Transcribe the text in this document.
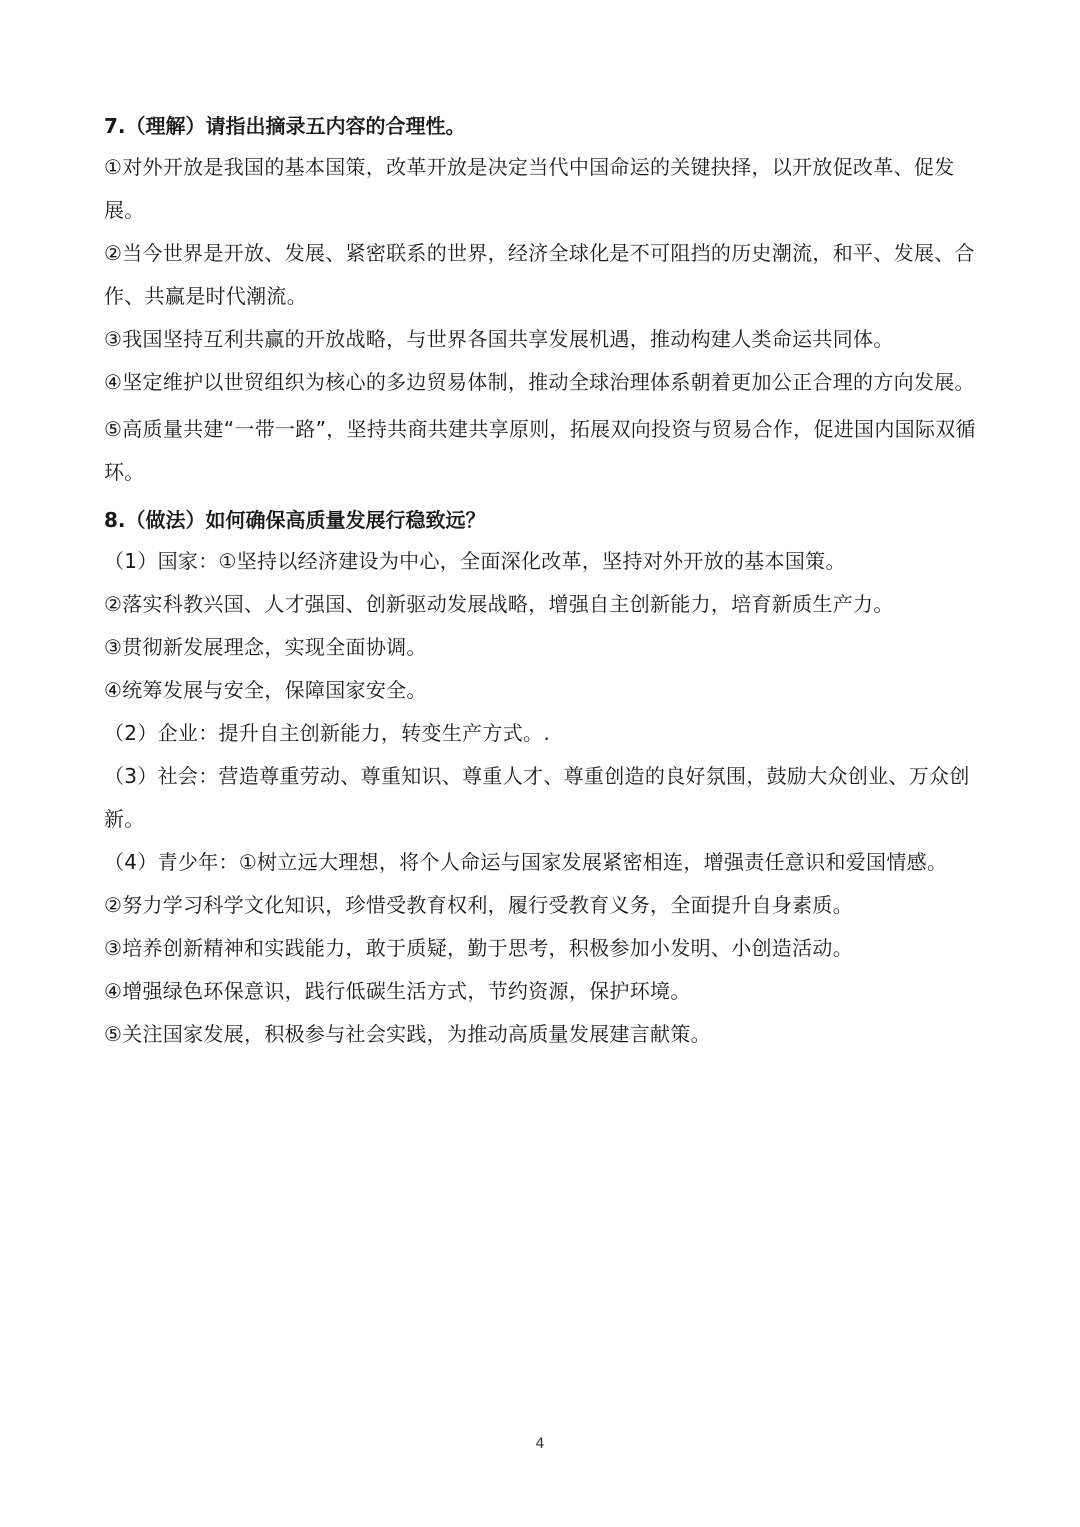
7.（理解）请指出摘录五内容的合理性。

①对外开放是我国的基本国策，改革开放是决定当代中国命运的关键抉择，以开放促改革、促发展。

②当今世界是开放、发展、紧密联系的世界，经济全球化是不可阻挡的历史潮流，和平、发展、合作、共赢是时代潮流。

③我国坚持互利共赢的开放战略，与世界各国共享发展机遇，推动构建人类命运共同体。

④坚定维护以世贸组织为核心的多边贸易体制，推动全球治理体系朝着更加公正合理的方向发展。

⑤高质量共建“一带一路”，坚持共商共建共享原则，拓展双向投资与贸易合作，促进国内国际双循环。

8.（做法）如何确保高质量发展行稳致远？

（1）国家：①坚持以经济建设为中心，全面深化改革，坚持对外开放的基本国策。

②落实科教兴国、人才强国、创新驱动发展战略，增强自主创新能力，培育新质生产力。

③贯彻新发展理念，实现全面协调。

④统筹发展与安全，保障国家安全。

（2）企业：提升自主创新能力，转变生产方式。.

（3）社会：营造尊重劳动、尊重知识、尊重人才、尊重创造的良好氛围，鼓励大众创业、万众创新。

（4）青少年：①树立远大理想，将个人命运与国家发展紧密相连，增强责任意识和爱国情感。

②努力学习科学文化知识，珍惜受教育权利，履行受教育义务，全面提升自身素质。

③培养创新精神和实践能力，敢于质疑，勤于思考，积极参加小发明、小创造活动。

④增强绿色环保意识，践行低碳生活方式，节约资源，保护环境。

⑤关注国家发展，积极参与社会实践，为推动高质量发展建言献策。

4
